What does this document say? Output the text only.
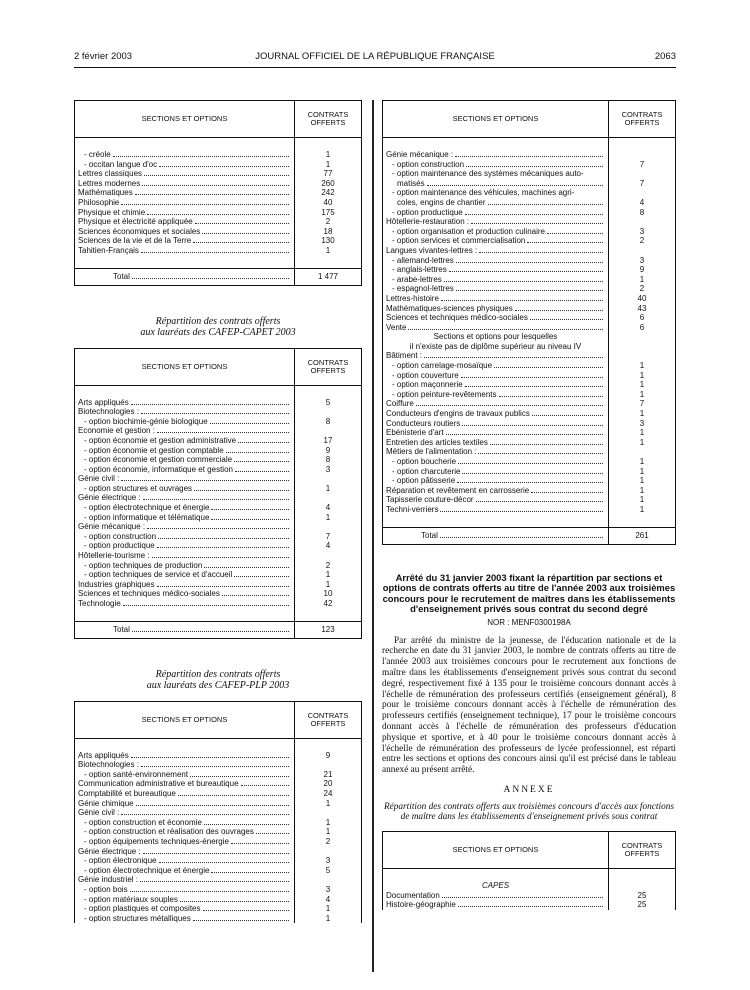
2 février 2003	JOURNAL OFFICIEL DE LA RÉPUBLIQUE FRANÇAISE	2063
SECTIONS ET OPTIONS	CONTRATS
OFFERTS

- créole	1

- occitan langue d'oc	1

Lettres classiques	77

Lettres modernes	260

Mathématiques	242

Philosophie	40

Physique et chimie	175

Physique et électricité appliquée	2

Sciences économiques et sociales	18

Sciences de la vie et de la Terre	130

Tahitien-Français	1

Total	1 477
Répartition des contrats offerts
aux lauréats des CAFEP-CAPET 2003
SECTIONS ET OPTIONS	CONTRATS
OFFERTS

Arts appliqués	5

Biotechnologies :	

- option biochimie-génie biologique	8

Economie et gestion :	

- option économie et gestion administrative	17

- option économie et gestion comptable	9

- option économie et gestion commerciale	8

- option économie, informatique et gestion	3

Génie civil :	

- option structures et ouvrages	1

Génie électrique :	

- option électrotechnique et énergie	4

- option informatique et télématique	1

Génie mécanique :	

- option construction	7

- option productique	4

Hôtellerie-tourisme :	

- option techniques de production	2

- option techniques de service et d'accueil	1

Industries graphiques	1

Sciences et techniques médico-sociales	10

Technologie	42

Total	123
Répartition des contrats offerts
aux lauréats des CAFEP-PLP 2003
SECTIONS ET OPTIONS	CONTRATS
OFFERTS

Arts appliqués	9

Biotechnologies :	

- option santé-environnement	21

Communication administrative et bureautique	20

Comptabilité et bureautique	24

Génie chimique	1

Génie civil :	

- option construction et économie	1

- option construction et réalisation des ouvrages	1

- option équipements techniques-énergie	2

Génie électrique :	

- option électronique	3

- option électrotechnique et énergie	5

Génie industriel :	

- option bois	3

- option matériaux souples	4

- option plastiques et composites	1

- option structures métalliques	1
SECTIONS ET OPTIONS	CONTRATS
OFFERTS

Génie mécanique :	

- option construction	7
- option maintenance des systèmes mécaniques auto-	

matisés	7
- option maintenance des véhicules, machines agri-	

coles, engins de chantier	4

- option productique	8

Hôtellerie-restauration :	

- option organisation et production culinaire	3

- option services et commercialisation	2

Langues vivantes-lettres :	

- allemand-lettres	3

- anglais-lettres	9

- arabe-lettres	1

- espagnol-lettres	2

Lettres-histoire	40

Mathématiques-sciences physiques	43

Sciences et techniques médico-sociales	6

Vente	6
Sections et options pour lesquelles	
il n'existe pas de diplôme supérieur au niveau IV	

Bâtiment :	

- option carrelage-mosaïque	1

- option couverture	1

- option maçonnerie	1

- option peinture-revêtements	1

Coiffure	7

Conducteurs d'engins de travaux publics	1

Conducteurs routiers	3

Ebénisterie d'art	1

Entretien des articles textiles	1

Métiers de l'alimentation :	

- option boucherie	1

- option charcuterie	1

- option pâtisserie	1

Réparation et revêtement en carrosserie	1

Tapisserie couture-décor	1

Techni-verriers	1

Total	261
Arrêté du 31 janvier 2003 fixant la répartition par sections et options de contrats offerts au titre de l'année 2003 aux troisièmes concours pour le recrutement de maîtres dans les établissements d'enseignement privés sous contrat du second degré
NOR : MENF0300198A
Par arrêté du ministre de la jeunesse, de l'éducation nationale et de la recherche en date du 31 janvier 2003, le nombre de contrats offerts au titre de l'année 2003 aux troisièmes concours pour le recrutement aux fonctions de maître dans les établissements d'enseignement privés sous contrat du second degré, respectivement fixé à 135 pour le troisième concours donnant accès à l'échelle de rémunération des professeurs certifiés (enseignement général), 8 pour le troisième concours donnant accès à l'échelle de rémunération des professeurs certifiés (enseignement technique), 17 pour le troisième concours donnant accès à l'échelle de rémunération des professeurs d'éducation physique et sportive, et à 40 pour le troisième concours donnant accès à l'échelle de rémunération des professeurs de lycée professionnel, est réparti entre les sections et options des concours ainsi qu'il est précisé dans le tableau annexé au présent arrêté.
ANNEXE
Répartition des contrats offerts aux troisièmes concours d'accès aux fonctions de maître dans les établissements d'enseignement privés sous contrat
SECTIONS ET OPTIONS	CONTRATS
OFFERTS

CAPES	

Documentation	25

Histoire-géographie	25
